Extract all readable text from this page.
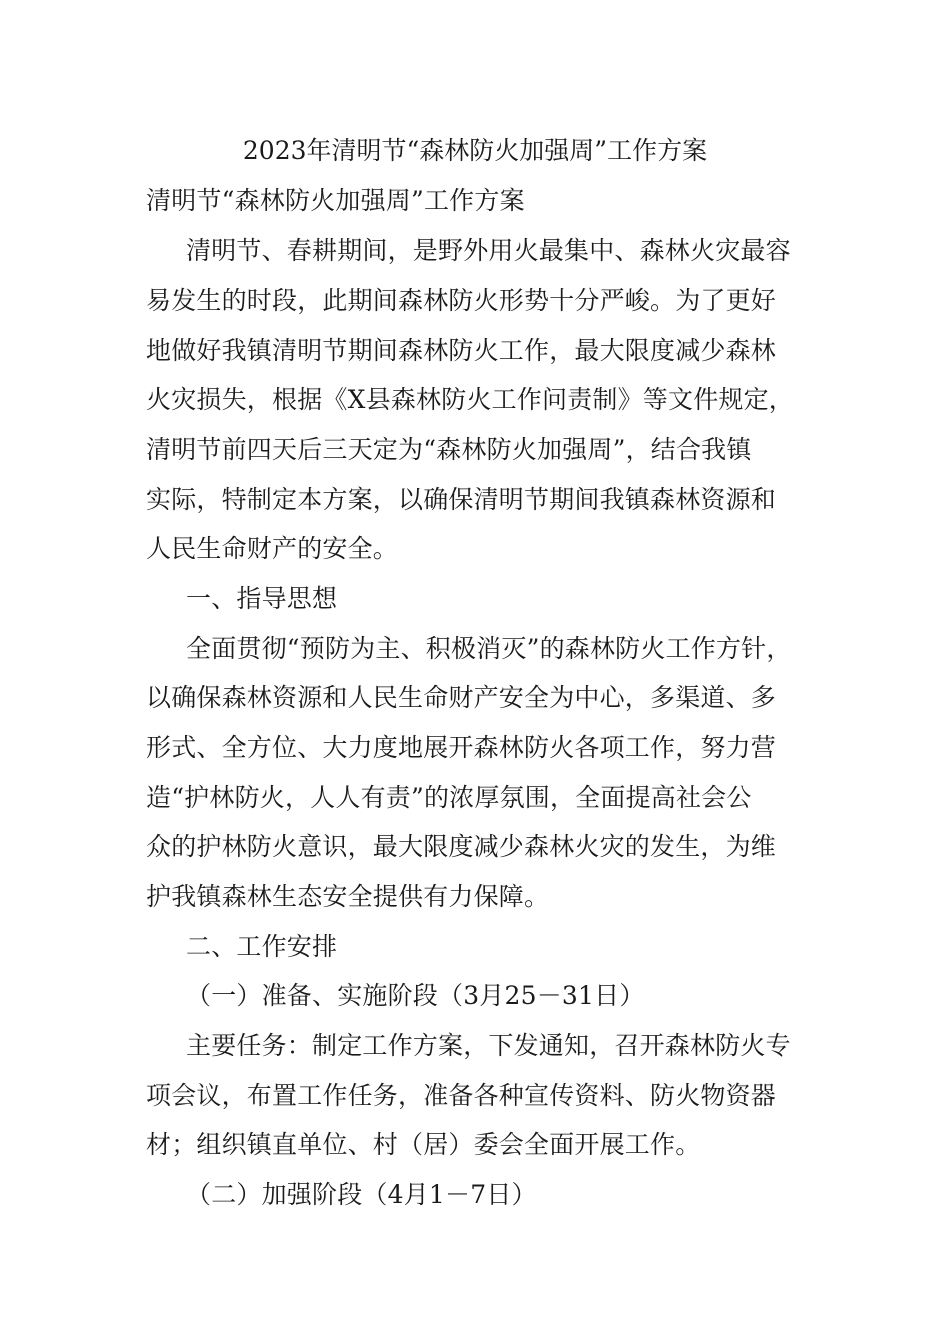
2023年清明节“森林防火加强周”工作方案
清明节“森林防火加强周”工作方案
清明节、春耕期间，是野外用火最集中、森林火灾最容
易发生的时段，此期间森林防火形势十分严峻。为了更好
地做好我镇清明节期间森林防火工作，最大限度减少森林
火灾损失，根据《X县森林防火工作问责制》等文件规定，
清明节前四天后三天定为“森林防火加强周”，结合我镇
实际，特制定本方案，以确保清明节期间我镇森林资源和
人民生命财产的安全。
一、指导思想
全面贯彻“预防为主、积极消灭”的森林防火工作方针，
以确保森林资源和人民生命财产安全为中心，多渠道、多
形式、全方位、大力度地展开森林防火各项工作，努力营
造“护林防火，人人有责”的浓厚氛围，全面提高社会公
众的护林防火意识，最大限度减少森林火灾的发生，为维
护我镇森林生态安全提供有力保障。
二、工作安排
（一）准备、实施阶段（3月25－31日）
主要任务：制定工作方案，下发通知，召开森林防火专
项会议，布置工作任务，准备各种宣传资料、防火物资器
材；组织镇直单位、村（居）委会全面开展工作。
（二）加强阶段（4月1－7日）
